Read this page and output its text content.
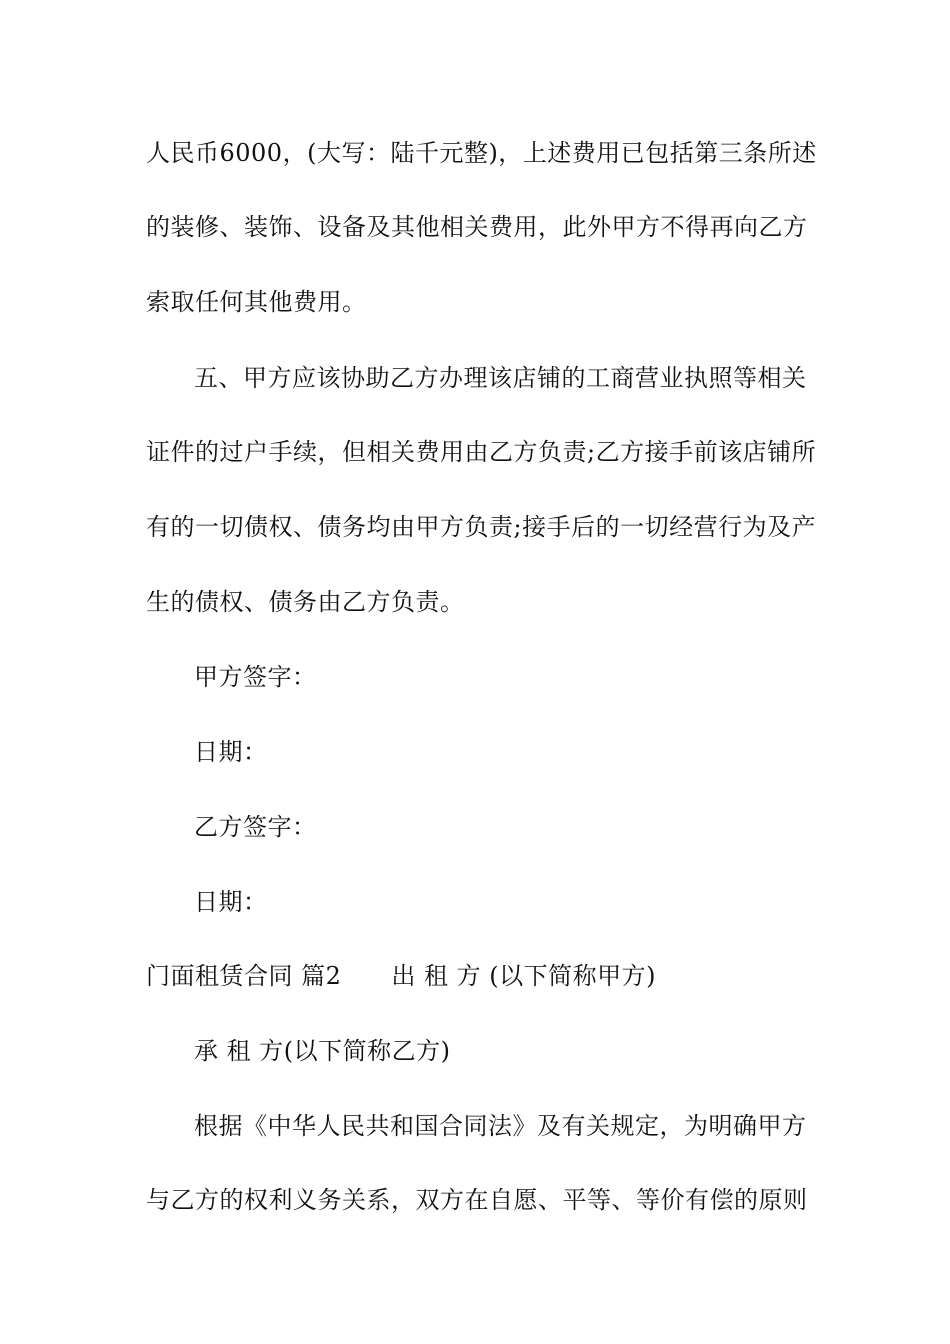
人民币6000，(大写：陆千元整)，上述费用已包括第三条所述
的装修、装饰、设备及其他相关费用，此外甲方不得再向乙方
索取任何其他费用。
五、甲方应该协助乙方办理该店铺的工商营业执照等相关
证件的过户手续，但相关费用由乙方负责;乙方接手前该店铺所
有的一切债权、债务均由甲方负责;接手后的一切经营行为及产
生的债权、债务由乙方负责。
甲方签字：
日期：
乙方签字：
日期：
门面租赁合同 篇2 出 租 方 (以下简称甲方)
承 租 方(以下简称乙方)
根据《中华人民共和国合同法》及有关规定，为明确甲方
与乙方的权利义务关系，双方在自愿、平等、等价有偿的原则
